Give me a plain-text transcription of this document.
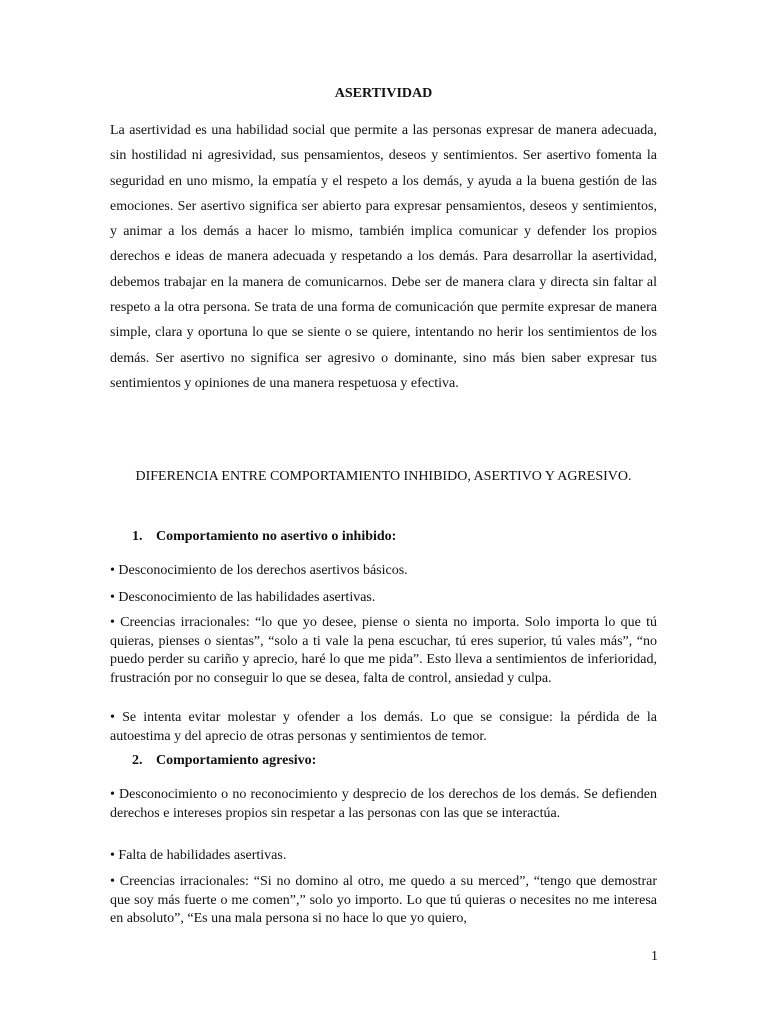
ASERTIVIDAD

La asertividad es una habilidad social que permite a las personas expresar de manera adecuada, sin hostilidad ni agresividad, sus pensamientos, deseos y sentimientos. Ser asertivo fomenta la seguridad en uno mismo, la empatía y el respeto a los demás, y ayuda a la buena gestión de las emociones. Ser asertivo significa ser abierto para expresar pensamientos, deseos y sentimientos, y animar a los demás a hacer lo mismo, también implica comunicar y defender los propios derechos e ideas de manera adecuada y respetando a los demás. Para desarrollar la asertividad, debemos trabajar en la manera de comunicarnos. Debe ser de manera clara y directa sin faltar al respeto a la otra persona. Se trata de una forma de comunicación que permite expresar de manera simple, clara y oportuna lo que se siente o se quiere, intentando no herir los sentimientos de los demás. Ser asertivo no significa ser agresivo o dominante, sino más bien saber expresar tus sentimientos y opiniones de una manera respetuosa y efectiva.

DIFERENCIA ENTRE COMPORTAMIENTO INHIBIDO, ASERTIVO Y AGRESIVO.

1. Comportamiento no asertivo o inhibido:

• Desconocimiento de los derechos asertivos básicos.

• Desconocimiento de las habilidades asertivas.

• Creencias irracionales: “lo que yo desee, piense o sienta no importa. Solo importa lo que tú quieras, pienses o sientas”, “solo a ti vale la pena escuchar, tú eres superior, tú vales más”, “no puedo perder su cariño y aprecio, haré lo que me pida”. Esto lleva a sentimientos de inferioridad, frustración por no conseguir lo que se desea, falta de control, ansiedad y culpa.

• Se intenta evitar molestar y ofender a los demás. Lo que se consigue: la pérdida de la autoestima y del aprecio de otras personas y sentimientos de temor.

2. Comportamiento agresivo:

• Desconocimiento o no reconocimiento y desprecio de los derechos de los demás. Se defienden derechos e intereses propios sin respetar a las personas con las que se interactúa.

• Falta de habilidades asertivas.

• Creencias irracionales: “Si no domino al otro, me quedo a su merced”, “tengo que demostrar que soy más fuerte o me comen”,” solo yo importo. Lo que tú quieras o necesites no me interesa en absoluto”, “Es una mala persona si no hace lo que yo quiero,

1
